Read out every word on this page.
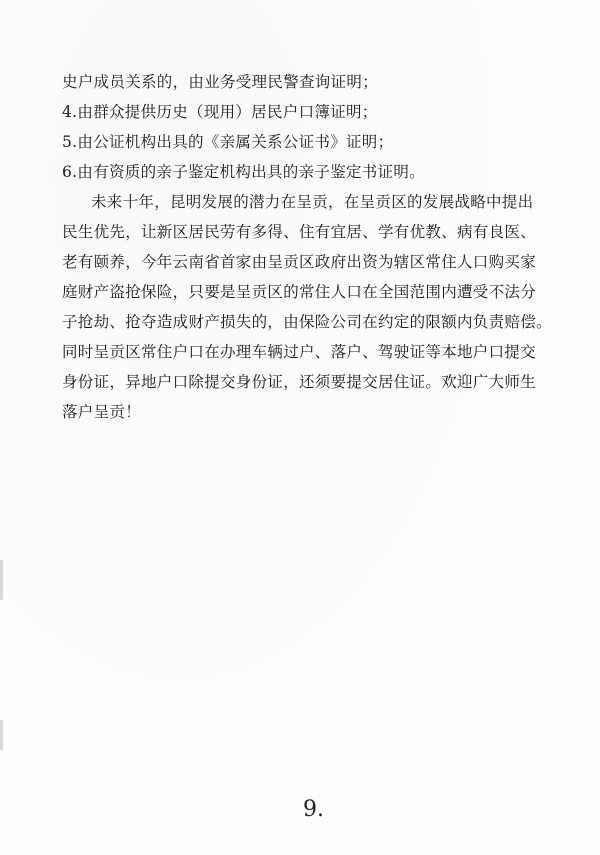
史户成员关系的，由业务受理民警查询证明；
4.由群众提供历史（现用）居民户口簿证明；
5.由公证机构出具的《亲属关系公证书》证明；
6.由有资质的亲子鉴定机构出具的亲子鉴定书证明。
未来十年，昆明发展的潜力在呈贡，在呈贡区的发展战略中提出
民生优先，让新区居民劳有多得、住有宜居、学有优教、病有良医、
老有颐养，今年云南省首家由呈贡区政府出资为辖区常住人口购买家
庭财产盗抢保险，只要是呈贡区的常住人口在全国范围内遭受不法分
子抢劫、抢夺造成财产损失的，由保险公司在约定的限额内负责赔偿。
同时呈贡区常住户口在办理车辆过户、落户、驾驶证等本地户口提交
身份证，异地户口除提交身份证，还须要提交居住证。欢迎广大师生
落户呈贡！
9.
